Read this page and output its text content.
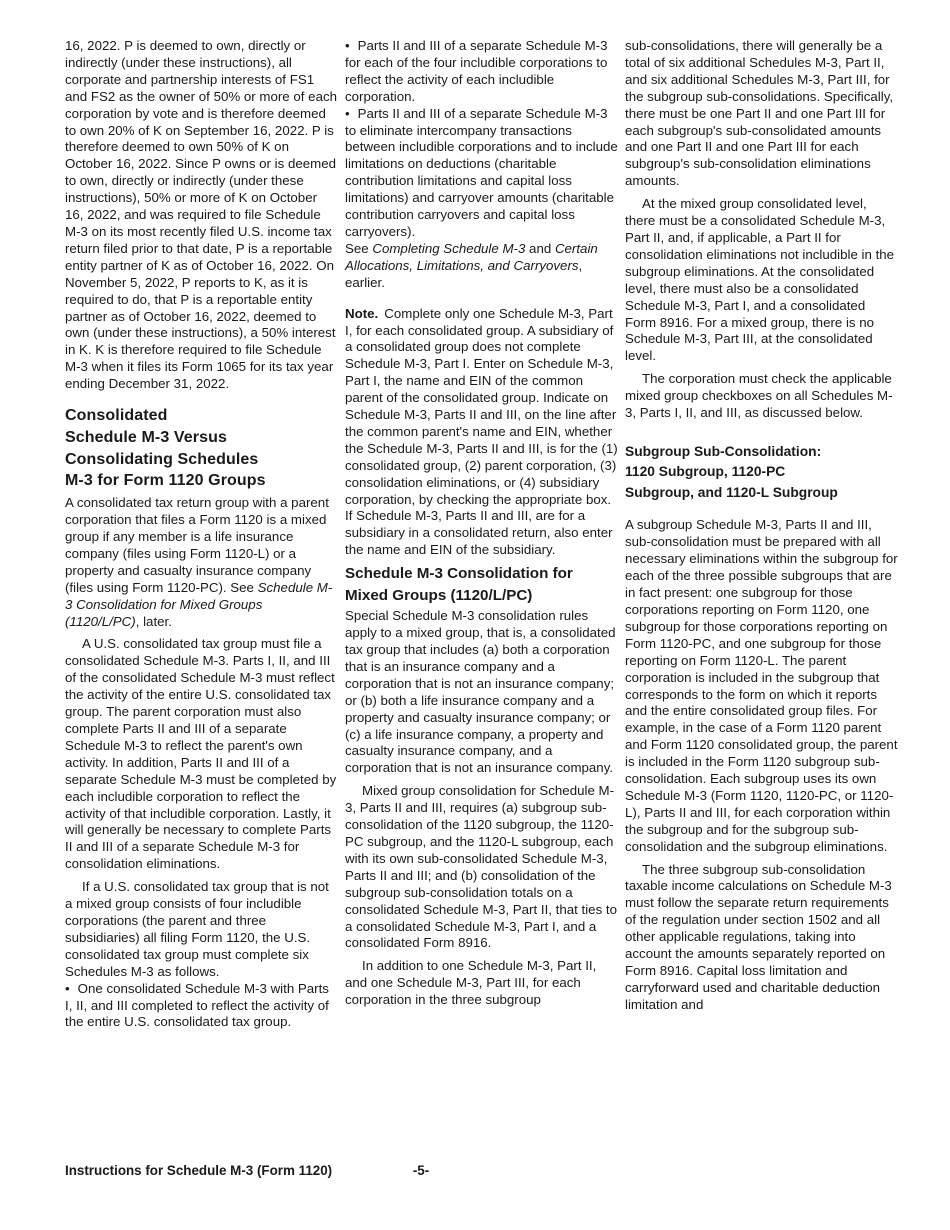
16, 2022. P is deemed to own, directly or indirectly (under these instructions), all corporate and partnership interests of FS1 and FS2 as the owner of 50% or more of each corporation by vote and is therefore deemed to own 20% of K on September 16, 2022. P is therefore deemed to own 50% of K on October 16, 2022. Since P owns or is deemed to own, directly or indirectly (under these instructions), 50% or more of K on October 16, 2022, and was required to file Schedule M-3 on its most recently filed U.S. income tax return filed prior to that date, P is a reportable entity partner of K as of October 16, 2022. On November 5, 2022, P reports to K, as it is required to do, that P is a reportable entity partner as of October 16, 2022, deemed to own (under these instructions), a 50% interest in K. K is therefore required to file Schedule M-3 when it files its Form 1065 for its tax year ending December 31, 2022.

Consolidated
Schedule M-3 Versus
Consolidating Schedules
M-3 for Form 1120 Groups

A consolidated tax return group with a parent corporation that files a Form 1120 is a mixed group if any member is a life insurance company (files using Form 1120-L) or a property and casualty insurance company (files using Form 1120-PC). See Schedule M-3 Consolidation for Mixed Groups (1120/L/PC), later.

A U.S. consolidated tax group must file a consolidated Schedule M-3. Parts I, II, and III of the consolidated Schedule M-3 must reflect the activity of the entire U.S. consolidated tax group. The parent corporation must also complete Parts II and III of a separate Schedule M-3 to reflect the parent's own activity. In addition, Parts II and III of a separate Schedule M-3 must be completed by each includible corporation to reflect the activity of that includible corporation. Lastly, it will generally be necessary to complete Parts II and III of a separate Schedule M-3 for consolidation eliminations.

If a U.S. consolidated tax group that is not a mixed group consists of four includible corporations (the parent and three subsidiaries) all filing Form 1120, the U.S. consolidated tax group must complete six Schedules M-3 as follows.

• One consolidated Schedule M-3 with Parts I, II, and III completed to reflect the activity of the entire U.S. consolidated tax group.

• Parts II and III of a separate Schedule M-3 for each of the four includible corporations to reflect the activity of each includible corporation.

• Parts II and III of a separate Schedule M-3 to eliminate intercompany transactions between includible corporations and to include limitations on deductions (charitable contribution limitations and capital loss limitations) and carryover amounts (charitable contribution carryovers and capital loss carryovers).

See Completing Schedule M-3 and Certain Allocations, Limitations, and Carryovers, earlier.

Note. Complete only one Schedule M-3, Part I, for each consolidated group. A subsidiary of a consolidated group does not complete Schedule M-3, Part I. Enter on Schedule M-3, Part I, the name and EIN of the common parent of the consolidated group. Indicate on Schedule M-3, Parts II and III, on the line after the common parent's name and EIN, whether the Schedule M-3, Parts II and III, is for the (1) consolidated group, (2) parent corporation, (3) consolidation eliminations, or (4) subsidiary corporation, by checking the appropriate box. If Schedule M-3, Parts II and III, are for a subsidiary in a consolidated return, also enter the name and EIN of the subsidiary.

Schedule M-3 Consolidation for
Mixed Groups (1120/L/PC)

Special Schedule M-3 consolidation rules apply to a mixed group, that is, a consolidated tax group that includes (a) both a corporation that is an insurance company and a corporation that is not an insurance company; or (b) both a life insurance company and a property and casualty insurance company; or (c) a life insurance company, a property and casualty insurance company, and a corporation that is not an insurance company.

Mixed group consolidation for Schedule M-3, Parts II and III, requires (a) subgroup sub-consolidation of the 1120 subgroup, the 1120-PC subgroup, and the 1120-L subgroup, each with its own sub-consolidated Schedule M-3, Parts II and III; and (b) consolidation of the subgroup sub-consolidation totals on a consolidated Schedule M-3, Part II, that ties to a consolidated Schedule M-3, Part I, and a consolidated Form 8916.

In addition to one Schedule M-3, Part II, and one Schedule M-3, Part III, for each corporation in the three subgroup

sub-consolidations, there will generally be a total of six additional Schedules M-3, Part II, and six additional Schedules M-3, Part III, for the subgroup sub-consolidations. Specifically, there must be one Part II and one Part III for each subgroup's sub-consolidated amounts and one Part II and one Part III for each subgroup's sub-consolidation eliminations amounts.

At the mixed group consolidated level, there must be a consolidated Schedule M-3, Part II, and, if applicable, a Part II for consolidation eliminations not includible in the subgroup eliminations. At the consolidated level, there must also be a consolidated Schedule M-3, Part I, and a consolidated Form 8916. For a mixed group, there is no Schedule M-3, Part III, at the consolidated level.

The corporation must check the applicable mixed group checkboxes on all Schedules M-3, Parts I, II, and III, as discussed below.

Subgroup Sub-Consolidation:
1120 Subgroup, 1120-PC
Subgroup, and 1120-L Subgroup

A subgroup Schedule M-3, Parts II and III, sub-consolidation must be prepared with all necessary eliminations within the subgroup for each of the three possible subgroups that are in fact present: one subgroup for those corporations reporting on Form 1120, one subgroup for those corporations reporting on Form 1120-PC, and one subgroup for those reporting on Form 1120-L. The parent corporation is included in the subgroup that corresponds to the form on which it reports and the entire consolidated group files. For example, in the case of a Form 1120 parent and Form 1120 consolidated group, the parent is included in the Form 1120 subgroup sub-consolidation. Each subgroup uses its own Schedule M-3 (Form 1120, 1120-PC, or 1120-L), Parts II and III, for each corporation within the subgroup and for the subgroup sub-consolidation and the subgroup eliminations.

The three subgroup sub-consolidation taxable income calculations on Schedule M-3 must follow the separate return requirements of the regulation under section 1502 and all other applicable regulations, taking into account the amounts separately reported on Form 8916. Capital loss limitation and carryforward used and charitable deduction limitation and

Instructions for Schedule M-3 (Form 1120)	-5-
